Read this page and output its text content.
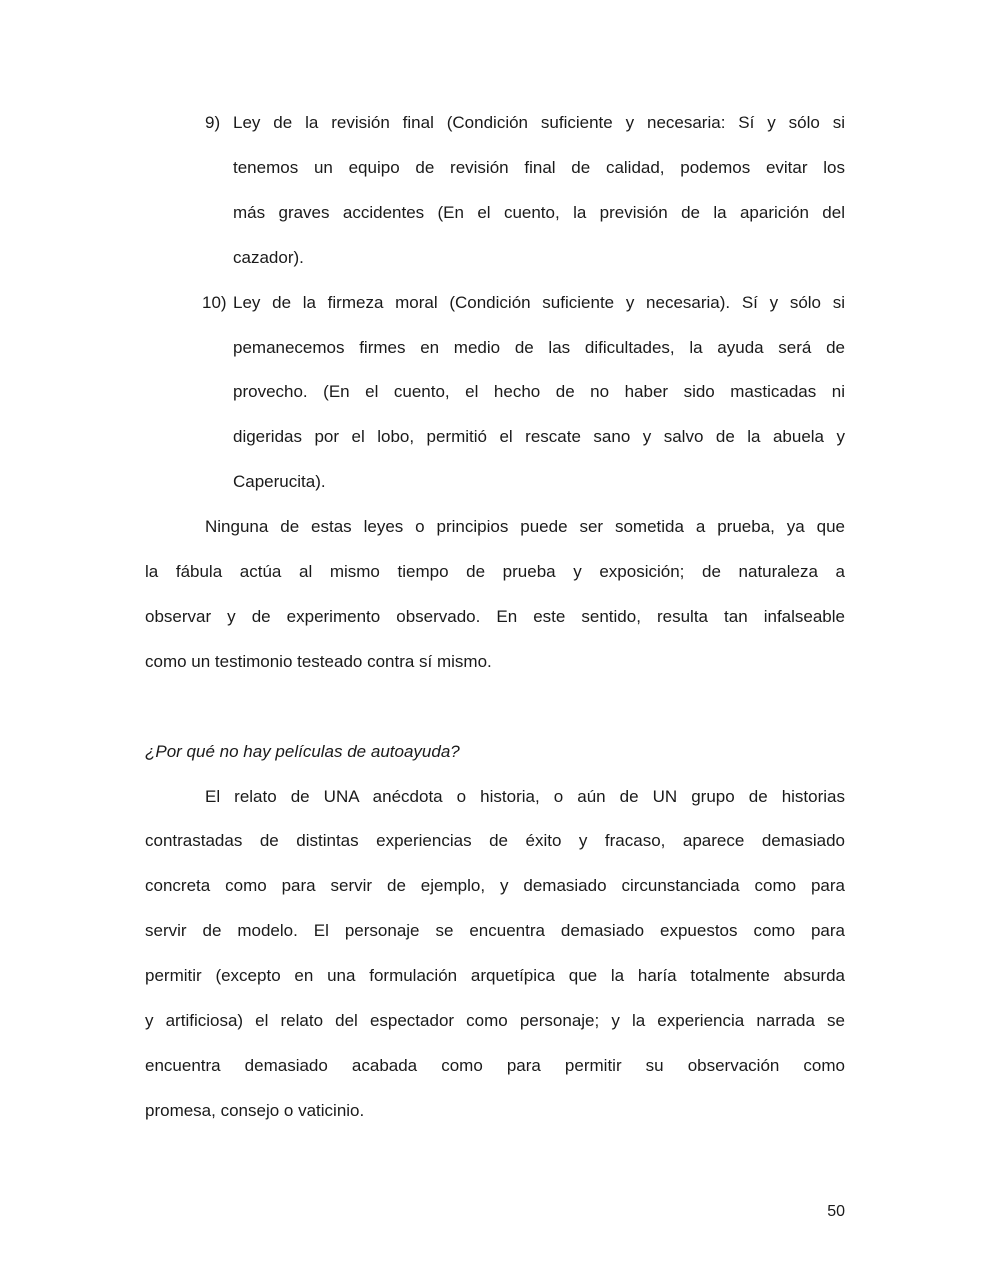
9) Ley de la revisión final (Condición suficiente y necesaria: Sí y sólo si
tenemos un equipo de revisión final de calidad, podemos evitar los
más graves accidentes (En el cuento, la previsión de la aparición del
cazador).
10) Ley de la firmeza moral (Condición suficiente y necesaria). Sí y sólo si
pemanecemos firmes en medio de las dificultades, la ayuda será de
provecho. (En el cuento, el hecho de no haber sido masticadas ni
digeridas por el lobo, permitió el rescate sano y salvo de la abuela y
Caperucita).
Ninguna de estas leyes o principios puede ser sometida a prueba, ya que
la fábula actúa al mismo tiempo de prueba y exposición; de naturaleza a
observar y de experimento observado. En este sentido, resulta tan infalseable
como un testimonio testeado contra sí mismo.
¿Por qué no hay películas de autoayuda?
El relato de UNA anécdota o historia, o aún de UN grupo de historias
contrastadas de distintas experiencias de éxito y fracaso, aparece demasiado
concreta como para servir de ejemplo, y demasiado circunstanciada como para
servir de modelo. El personaje se encuentra demasiado expuestos como para
permitir (excepto en una formulación arquetípica que la haría totalmente absurda
y artificiosa) el relato del espectador como personaje; y la experiencia narrada se
encuentra demasiado acabada como para permitir su observación como
promesa, consejo o vaticinio.
50
